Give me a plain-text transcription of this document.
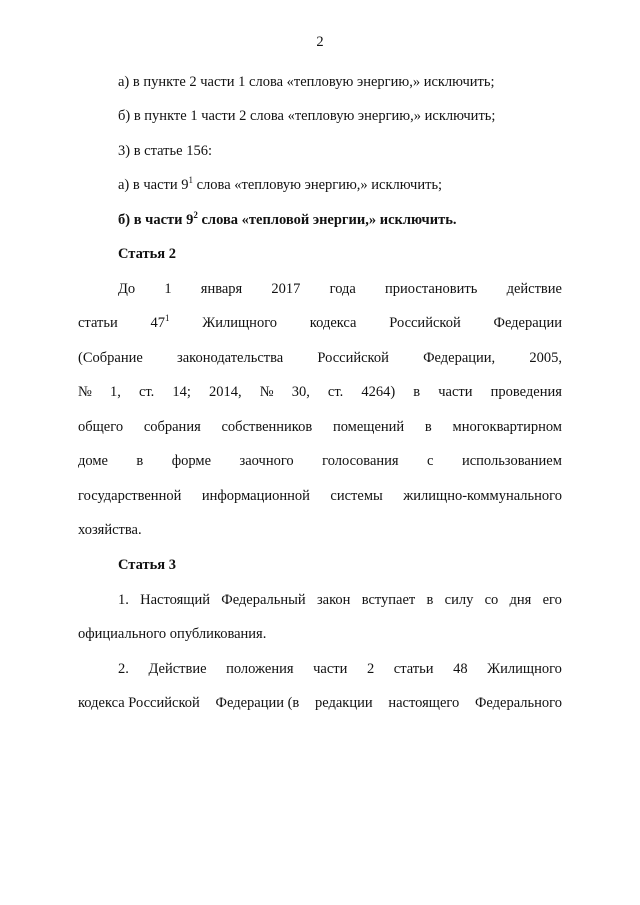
2
а) в пункте 2 части 1 слова «тепловую энергию,» исключить;
б) в пункте 1 части 2 слова «тепловую энергию,» исключить;
3) в статье 156:
а) в части $9^1$ слова «тепловую энергию,» исключить;
б) в части $9^2$ слова «тепловой энергии,» исключить.
Статья 2
До 1 января 2017 года приостановить действие
статьи $47^1$ Жилищного кодекса Российской Федерации
(Собрание законодательства Российской Федерации, 2005,
№ 1, ст. 14; 2014, № 30, ст. 4264) в части проведения
общего собрания собственников помещений в многоквартирном
доме в форме заочного голосования с использованием
государственной информационной системы жилищно-коммунального
хозяйства.
Статья 3
1. Настоящий Федеральный закон вступает в силу со дня его
официального опубликования.
2. Действие положения части 2 статьи 48 Жилищного
кодекса Российской Федерации (в редакции настоящего Федерального
